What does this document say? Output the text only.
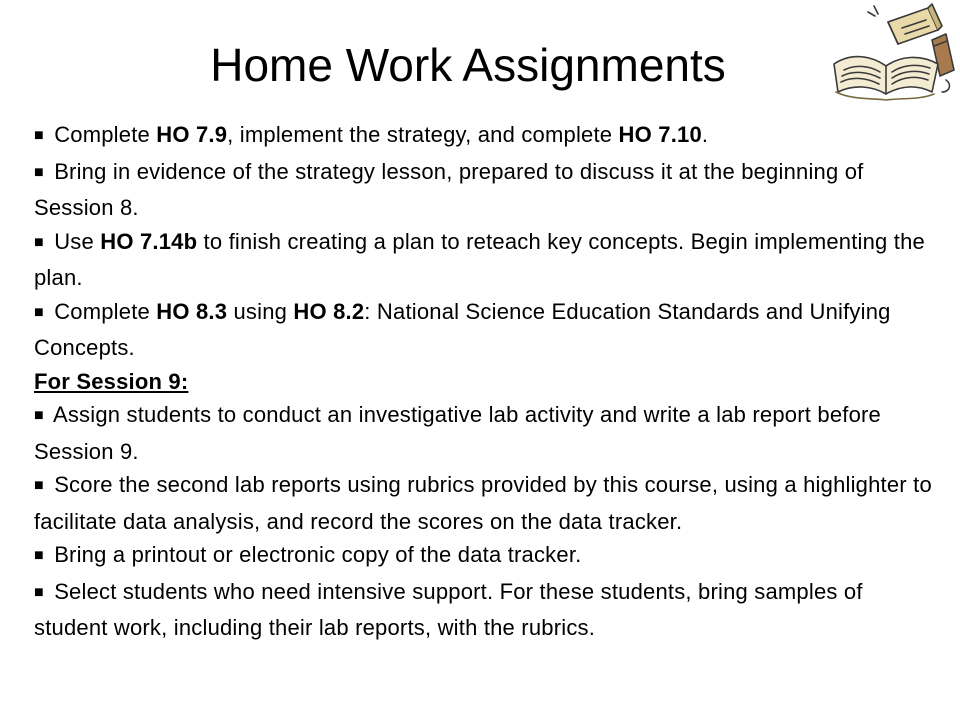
Home Work Assignments

■ Complete HO 7.9, implement the strategy, and complete HO 7.10.

■ Bring in evidence of the strategy lesson, prepared to discuss it at the beginning of Session 8.

■ Use HO 7.14b to finish creating a plan to reteach key concepts. Begin implementing the plan.

■ Complete HO 8.3 using HO 8.2: National Science Education Standards and Unifying Concepts.

For Session 9:

■ Assign students to conduct an investigative lab activity and write a lab report before Session 9.

■ Score the second lab reports using rubrics provided by this course, using a highlighter to facilitate data analysis, and record the scores on the data tracker.

■ Bring a printout or electronic copy of the data tracker.

■ Select students who need intensive support. For these students, bring samples of student work, including their lab reports, with the rubrics.
